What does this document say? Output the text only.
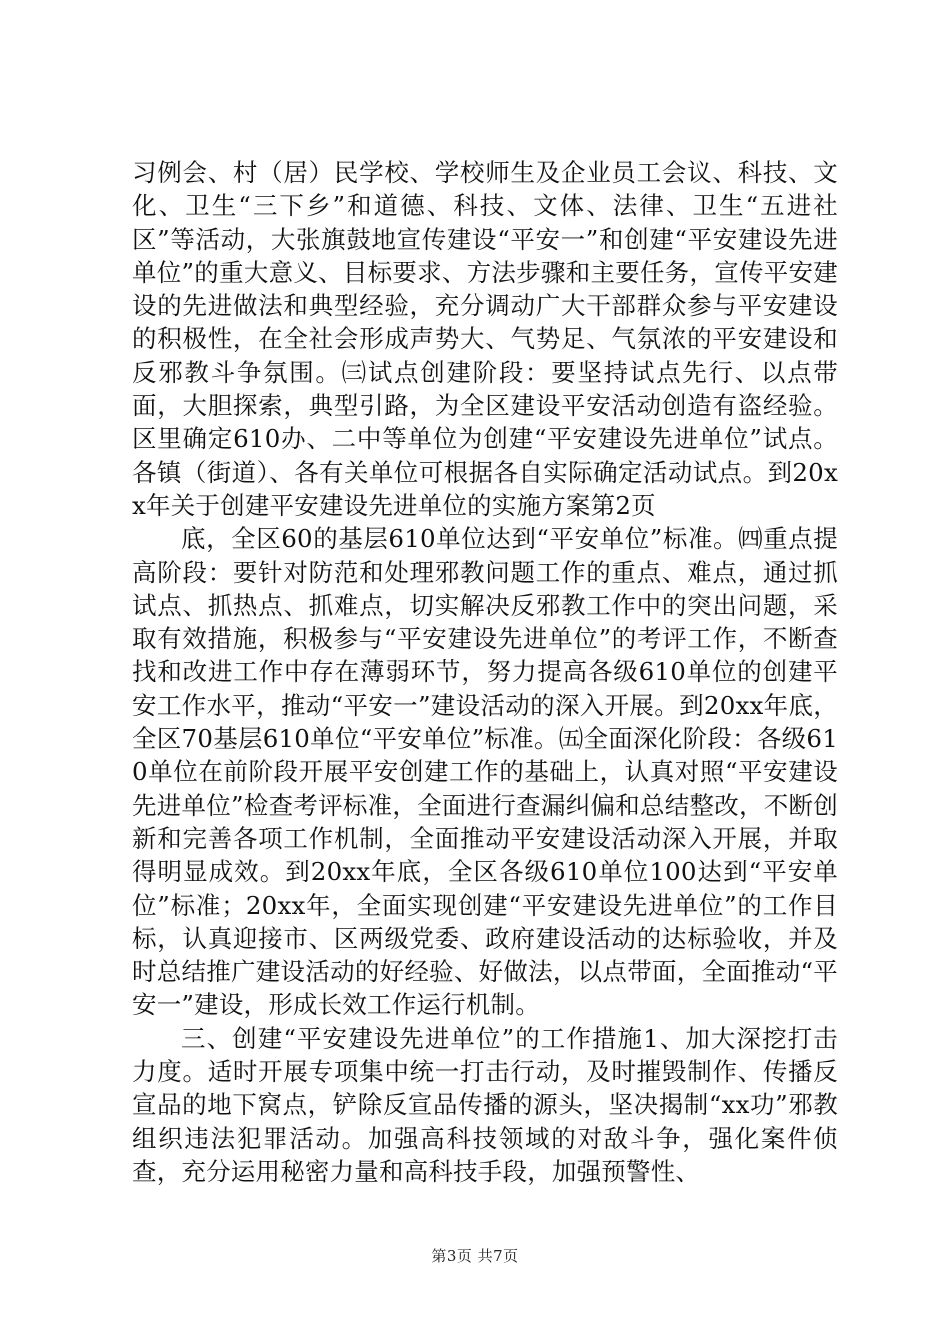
习例会、村（居）民学校、学校师生及企业员工会议、科技、文化、卫生“三下乡”和道德、科技、文体、法律、卫生“五进社区”等活动，大张旗鼓地宣传建设“平安一”和创建“平安建设先进单位”的重大意义、目标要求、方法步骤和主要任务，宣传平安建设的先进做法和典型经验，充分调动广大干部群众参与平安建设的积极性，在全社会形成声势大、气势足、气氛浓的平安建设和反邪教斗争氛围。㈢试点创建阶段：要坚持试点先行、以点带面，大胆探索，典型引路，为全区建设平安活动创造有盗经验。区里确定610办、二中等单位为创建“平安建设先进单位”试点。各镇（街道）、各有关单位可根据各自实际确定活动试点。到20xx年关于创建平安建设先进单位的实施方案第2页

底，全区60的基层610单位达到“平安单位”标准。㈣重点提高阶段：要针对防范和处理邪教问题工作的重点、难点，通过抓试点、抓热点、抓难点，切实解决反邪教工作中的突出问题，采取有效措施，积极参与“平安建设先进单位”的考评工作，不断查找和改进工作中存在薄弱环节，努力提高各级610单位的创建平安工作水平，推动“平安一”建设活动的深入开展。到20xx年底，全区70基层610单位“平安单位”标准。㈤全面深化阶段：各级610单位在前阶段开展平安创建工作的基础上，认真对照“平安建设先进单位”检查考评标准，全面进行查漏纠偏和总结整改，不断创新和完善各项工作机制，全面推动平安建设活动深入开展，并取得明显成效。到20xx年底，全区各级610单位100达到“平安单位”标准；20xx年，全面实现创建“平安建设先进单位”的工作目标，认真迎接市、区两级党委、政府建设活动的达标验收，并及时总结推广建设活动的好经验、好做法，以点带面，全面推动“平安一”建设，形成长效工作运行机制。

三、创建“平安建设先进单位”的工作措施1、加大深挖打击力度。适时开展专项集中统一打击行动，及时摧毁制作、传播反宣品的地下窝点，铲除反宣品传播的源头，坚决揭制“xx功”邪教组织违法犯罪活动。加强高科技领域的对敌斗争，强化案件侦查，充分运用秘密力量和高科技手段，加强预警性、

第3页 共7页
